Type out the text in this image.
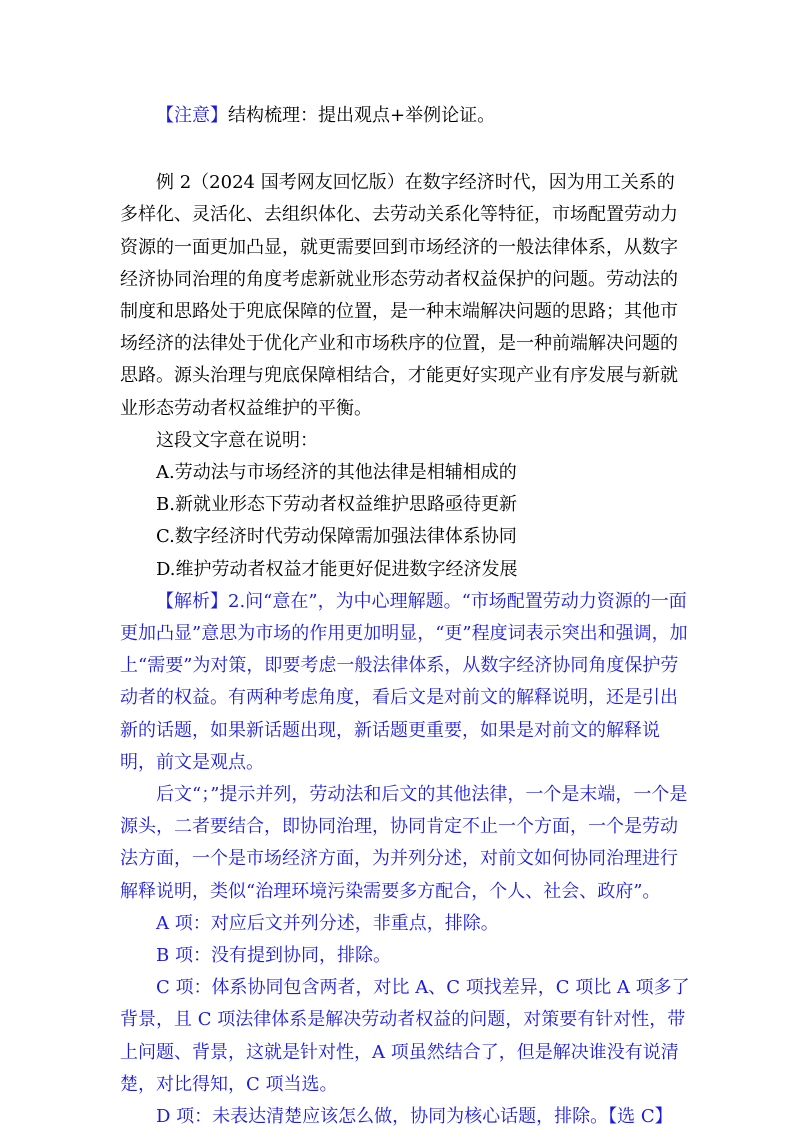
【注意】结构梳理：提出观点+举例论证。

例 2（2024 国考网友回忆版）在数字经济时代，因为用工关系的多样化、灵活化、去组织体化、去劳动关系化等特征，市场配置劳动力资源的一面更加凸显，就更需要回到市场经济的一般法律体系，从数字经济协同治理的角度考虑新就业形态劳动者权益保护的问题。劳动法的制度和思路处于兜底保障的位置，是一种末端解决问题的思路；其他市场经济的法律处于优化产业和市场秩序的位置，是一种前端解决问题的思路。源头治理与兜底保障相结合，才能更好实现产业有序发展与新就业形态劳动者权益维护的平衡。

这段文字意在说明：

A.劳动法与市场经济的其他法律是相辅相成的

B.新就业形态下劳动者权益维护思路亟待更新

C.数字经济时代劳动保障需加强法律体系协同

D.维护劳动者权益才能更好促进数字经济发展

【解析】2.问“意在”，为中心理解题。“市场配置劳动力资源的一面更加凸显”意思为市场的作用更加明显，“更”程度词表示突出和强调，加上“需要”为对策，即要考虑一般法律体系，从数字经济协同角度保护劳动者的权益。有两种考虑角度，看后文是对前文的解释说明，还是引出新的话题，如果新话题出现，新话题更重要，如果是对前文的解释说明，前文是观点。

后文“；”提示并列，劳动法和后文的其他法律，一个是末端，一个是源头，二者要结合，即协同治理，协同肯定不止一个方面，一个是劳动法方面，一个是市场经济方面，为并列分述，对前文如何协同治理进行解释说明，类似“治理环境污染需要多方配合，个人、社会、政府”。

A 项：对应后文并列分述，非重点，排除。

B 项：没有提到协同，排除。

C 项：体系协同包含两者，对比 A、C 项找差异，C 项比 A 项多了背景，且 C 项法律体系是解决劳动者权益的问题，对策要有针对性，带上问题、背景，这就是针对性，A 项虽然结合了，但是解决谁没有说清楚，对比得知，C 项当选。

D 项：未表达清楚应该怎么做，协同为核心话题，排除。【选 C】
